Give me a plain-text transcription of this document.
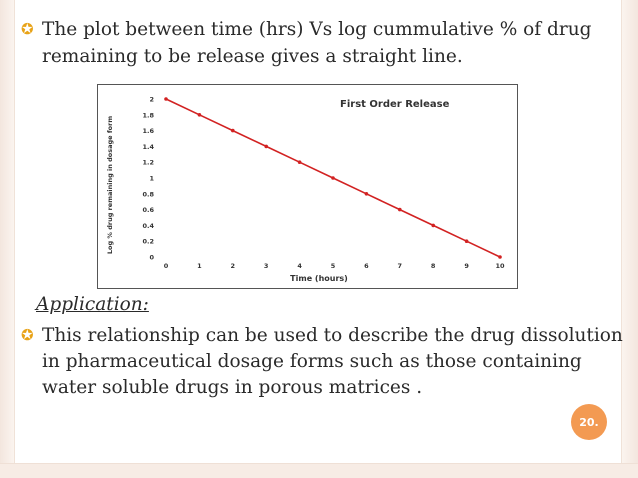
✪ The plot between time (hrs) Vs log cummulative % of drug
remaining to be release gives a straight line.
0
0.2
0.4
0.6
0.8
1
1.2
1.4
1.6
1.8
2
0	1	2	3	4	5	6	7	8	9	10
First Order Release
Time (hours)
Log % drug remaining in dosage form
Application:
✪ This relationship can be used to describe the drug dissolution
in pharmaceutical dosage forms such as those containing
water soluble drugs in porous matrices .
20.
